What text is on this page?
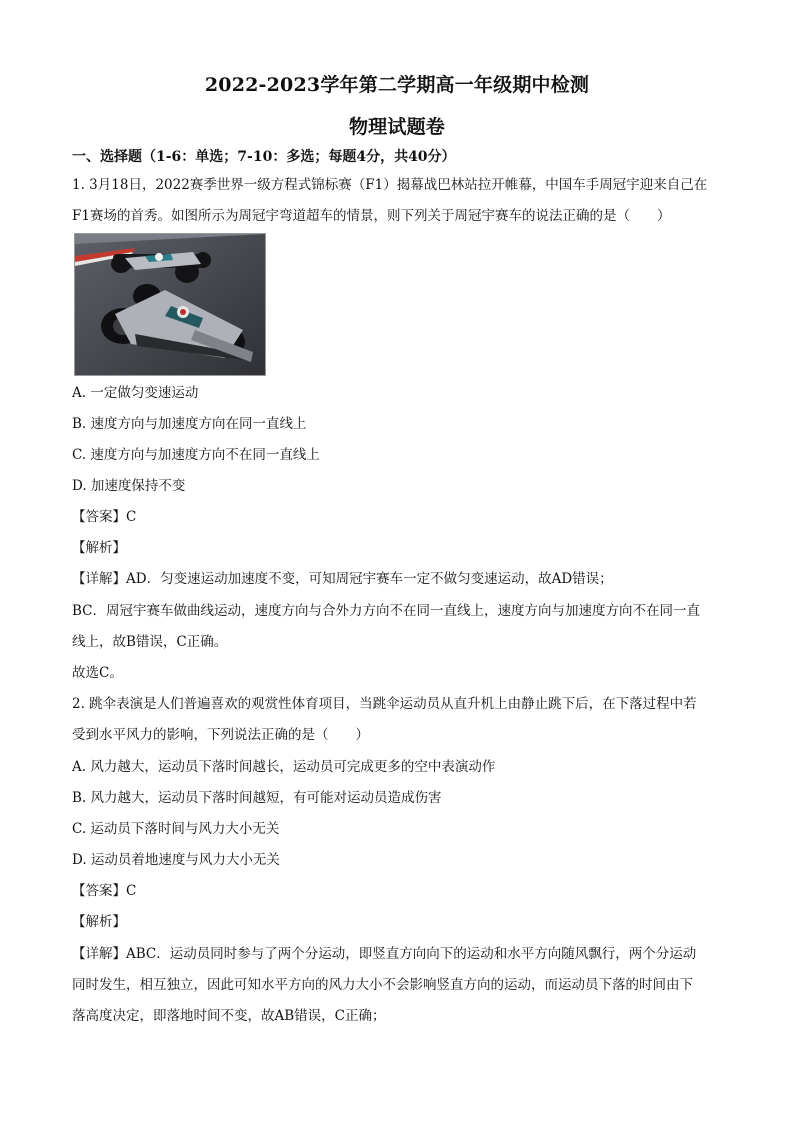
2022-2023学年第二学期高一年级期中检测
物理试题卷
一、选择题（1-6：单选；7-10：多选；每题4分，共40分）
1. 3月18日，2022赛季世界一级方程式锦标赛（F1）揭幕战巴林站拉开帷幕，中国车手周冠宇迎来自己在
F1赛场的首秀。如图所示为周冠宇弯道超车的情景，则下列关于周冠宇赛车的说法正确的是（　　）
A. 一定做匀变速运动
B. 速度方向与加速度方向在同一直线上
C. 速度方向与加速度方向不在同一直线上
D. 加速度保持不变
【答案】C
【解析】
【详解】AD．匀变速运动加速度不变，可知周冠宇赛车一定不做匀变速运动，故AD错误；
BC．周冠宇赛车做曲线运动，速度方向与合外力方向不在同一直线上，速度方向与加速度方向不在同一直
线上，故B错误，C正确。
故选C。
2. 跳伞表演是人们普遍喜欢的观赏性体育项目，当跳伞运动员从直升机上由静止跳下后，在下落过程中若
受到水平风力的影响，下列说法正确的是（　　）
A. 风力越大，运动员下落时间越长，运动员可完成更多的空中表演动作
B. 风力越大，运动员下落时间越短，有可能对运动员造成伤害
C. 运动员下落时间与风力大小无关
D. 运动员着地速度与风力大小无关
【答案】C
【解析】
【详解】ABC．运动员同时参与了两个分运动，即竖直方向向下的运动和水平方向随风飘行，两个分运动
同时发生，相互独立，因此可知水平方向的风力大小不会影响竖直方向的运动，而运动员下落的时间由下
落高度决定，即落地时间不变，故AB错误，C正确；
